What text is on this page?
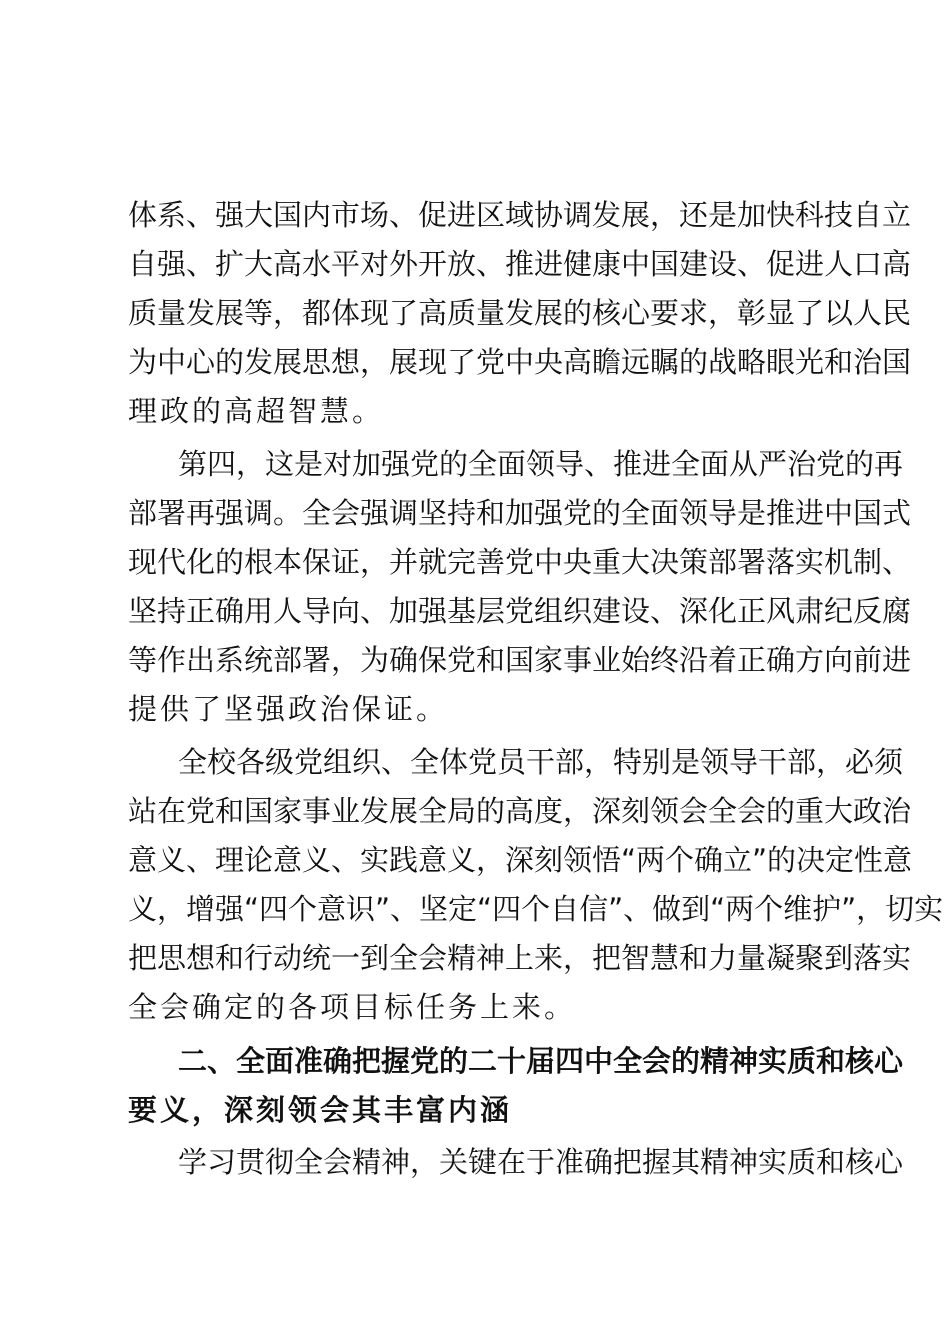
体系、强大国内市场、促进区域协调发展，还是加快科技自立
自强、扩大高水平对外开放、推进健康中国建设、促进人口高
质量发展等，都体现了高质量发展的核心要求，彰显了以人民
为中心的发展思想，展现了党中央高瞻远瞩的战略眼光和治国
理政的高超智慧。
第四，这是对加强党的全面领导、推进全面从严治党的再
部署再强调。全会强调坚持和加强党的全面领导是推进中国式
现代化的根本保证，并就完善党中央重大决策部署落实机制、
坚持正确用人导向、加强基层党组织建设、深化正风肃纪反腐
等作出系统部署，为确保党和国家事业始终沿着正确方向前进
提供了坚强政治保证。
全校各级党组织、全体党员干部，特别是领导干部，必须
站在党和国家事业发展全局的高度，深刻领会全会的重大政治
意义、理论意义、实践意义，深刻领悟“两个确立”的决定性意
义，增强“四个意识”、坚定“四个自信”、做到“两个维护”，切实
把思想和行动统一到全会精神上来，把智慧和力量凝聚到落实
全会确定的各项目标任务上来。
二、全面准确把握党的二十届四中全会的精神实质和核心
要义，深刻领会其丰富内涵
学习贯彻全会精神，关键在于准确把握其精神实质和核心
